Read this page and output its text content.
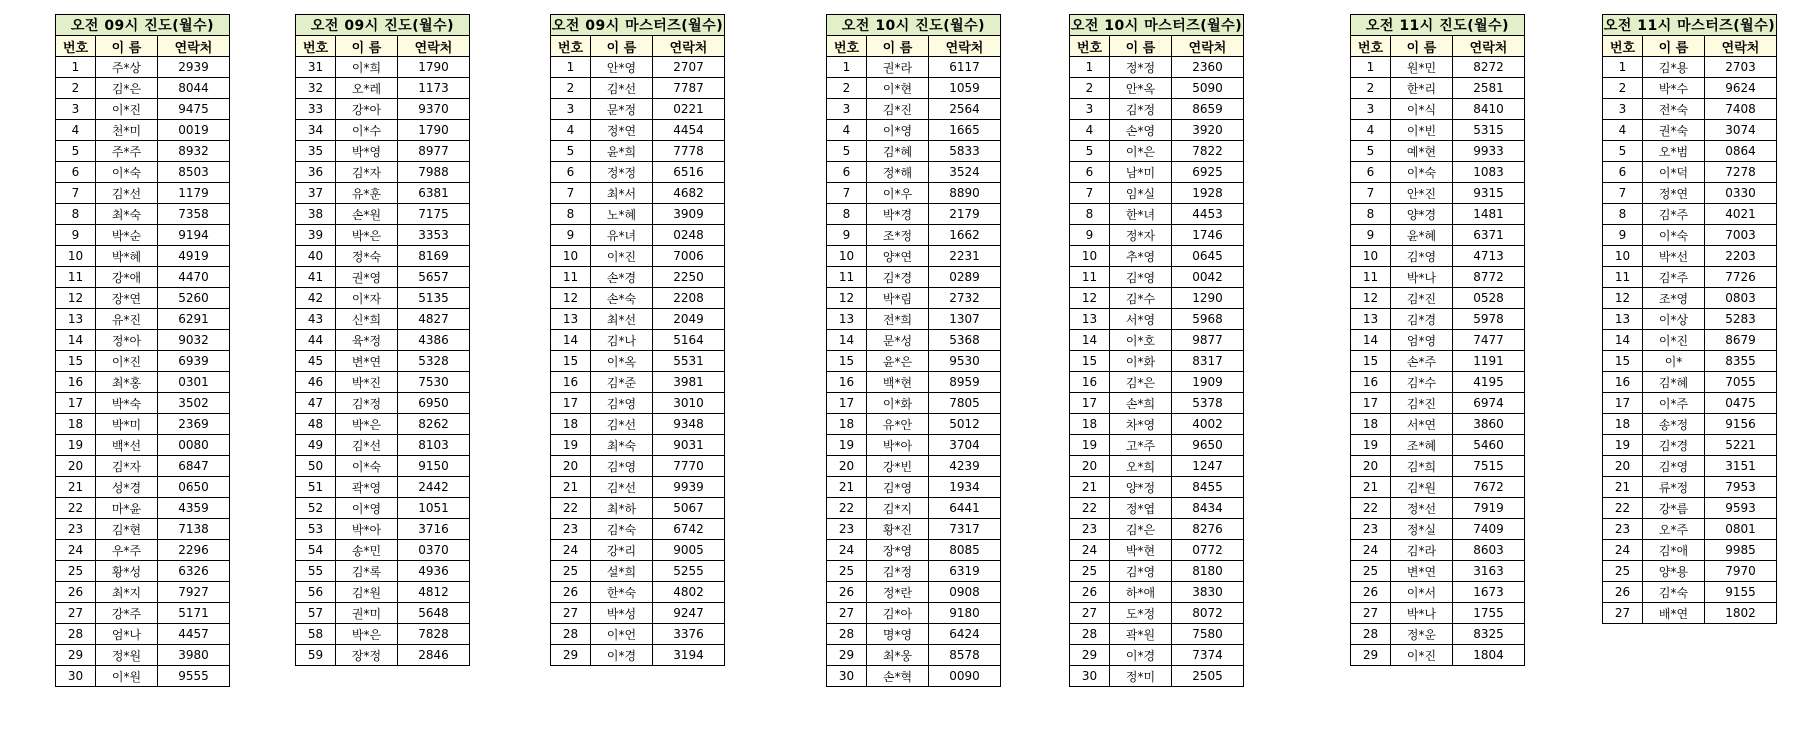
오전 09시 진도(월수)		
번호	이 름	연락처
1	주*상	2939
2	김*은	8044
3	이*진	9475
4	천*미	0019
5	주*주	8932
6	이*숙	8503
7	김*선	1179
8	최*숙	7358
9	박*순	9194
10	박*혜	4919
11	강*애	4470
12	장*연	5260
13	유*진	6291
14	정*아	9032
15	이*진	6939
16	최*홍	0301
17	박*숙	3502
18	박*미	2369
19	백*선	0080
20	김*자	6847
21	성*경	0650
22	마*윤	4359
23	김*현	7138
24	우*주	2296
25	황*성	6326
26	최*지	7927
27	강*주	5171
28	엄*나	4457
29	정*원	3980
30	이*원	9555
오전 09시 진도(월수)		
번호	이 름	연락처
31	이*희	1790
32	오*레	1173
33	강*아	9370
34	이*수	1790
35	박*영	8977
36	김*자	7988
37	유*훈	6381
38	손*원	7175
39	박*은	3353
40	정*숙	8169
41	권*영	5657
42	이*자	5135
43	신*희	4827
44	육*정	4386
45	변*연	5328
46	박*진	7530
47	김*정	6950
48	박*은	8262
49	김*선	8103
50	이*숙	9150
51	곽*영	2442
52	이*영	1051
53	박*아	3716
54	송*민	0370
55	김*록	4936
56	김*원	4812
57	권*미	5648
58	박*은	7828
59	장*정	2846
오전 09시 마스터즈(월수)		
번호	이 름	연락처
1	안*영	2707
2	김*선	7787
3	문*정	0221
4	정*연	4454
5	윤*희	7778
6	정*정	6516
7	최*서	4682
8	노*혜	3909
9	유*녀	0248
10	이*진	7006
11	손*경	2250
12	손*숙	2208
13	최*선	2049
14	김*나	5164
15	이*옥	5531
16	김*준	3981
17	김*영	3010
18	김*선	9348
19	최*숙	9031
20	김*영	7770
21	김*선	9939
22	최*하	5067
23	김*숙	6742
24	강*리	9005
25	설*희	5255
26	한*숙	4802
27	박*성	9247
28	이*언	3376
29	이*경	3194
오전 10시 진도(월수)		
번호	이 름	연락처
1	권*라	6117
2	이*현	1059
3	김*진	2564
4	이*영	1665
5	김*혜	5833
6	정*해	3524
7	이*우	8890
8	박*경	2179
9	조*정	1662
10	양*연	2231
11	김*경	0289
12	박*림	2732
13	전*희	1307
14	문*성	5368
15	윤*은	9530
16	백*현	8959
17	이*화	7805
18	유*안	5012
19	박*아	3704
20	강*빈	4239
21	김*영	1934
22	김*지	6441
23	황*진	7317
24	장*영	8085
25	김*정	6319
26	정*란	0908
27	김*아	9180
28	명*영	6424
29	최*웅	8578
30	손*혁	0090
오전 10시 마스터즈(월수)		
번호	이 름	연락처
1	정*정	2360
2	안*옥	5090
3	김*정	8659
4	손*영	3920
5	이*은	7822
6	남*미	6925
7	임*실	1928
8	한*녀	4453
9	정*자	1746
10	추*영	0645
11	김*영	0042
12	김*수	1290
13	서*영	5968
14	이*호	9877
15	이*화	8317
16	김*은	1909
17	손*희	5378
18	차*영	4002
19	고*주	9650
20	오*희	1247
21	양*정	8455
22	정*엽	8434
23	김*은	8276
24	박*현	0772
25	김*영	8180
26	하*애	3830
27	도*정	8072
28	곽*원	7580
29	이*경	7374
30	정*미	2505
오전 11시 진도(월수)		
번호	이 름	연락처
1	원*민	8272
2	한*리	2581
3	이*식	8410
4	이*빈	5315
5	예*현	9933
6	이*숙	1083
7	안*진	9315
8	양*경	1481
9	윤*혜	6371
10	김*영	4713
11	박*나	8772
12	김*진	0528
13	김*경	5978
14	엄*영	7477
15	손*주	1191
16	김*수	4195
17	김*진	6974
18	서*연	3860
19	조*혜	5460
20	김*희	7515
21	김*원	7672
22	정*선	7919
23	정*실	7409
24	김*라	8603
25	변*연	3163
26	이*서	1673
27	박*나	1755
28	정*운	8325
29	이*진	1804
오전 11시 마스터즈(월수)		
번호	이 름	연락처
1	김*용	2703
2	박*수	9624
3	전*숙	7408
4	권*숙	3074
5	오*범	0864
6	이*덕	7278
7	정*연	0330
8	김*주	4021
9	이*숙	7003
10	박*선	2203
11	김*주	7726
12	조*영	0803
13	이*상	5283
14	이*진	8679
15	이*	8355
16	김*혜	7055
17	이*주	0475
18	송*정	9156
19	김*경	5221
20	김*영	3151
21	류*정	7953
22	강*름	9593
23	오*주	0801
24	김*애	9985
25	양*용	7970
26	김*숙	9155
27	배*연	1802
